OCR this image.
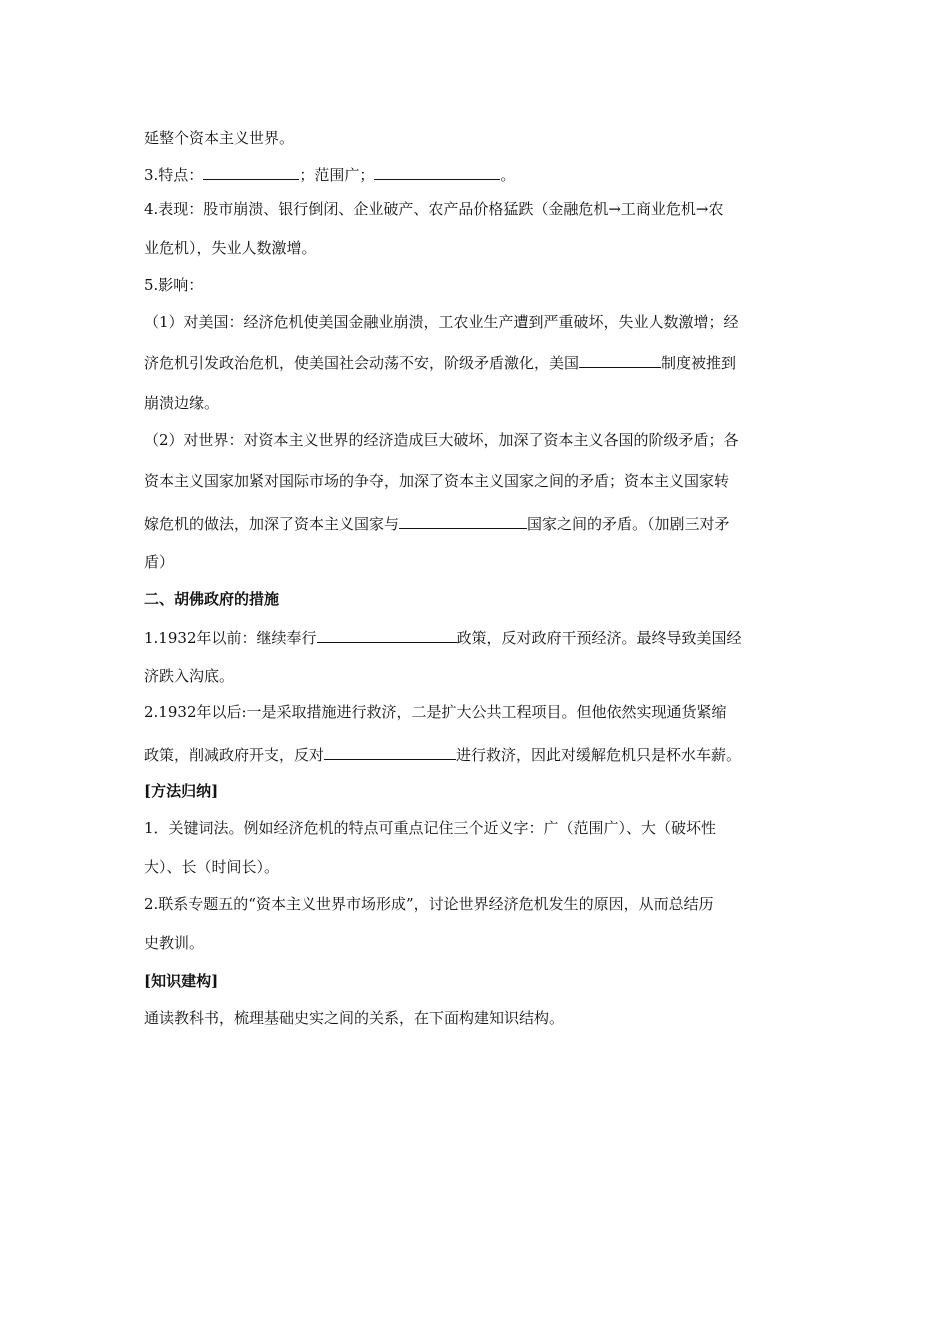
延整个资本主义世界。
3.特点：	；范围广；	。
4.表现：股市崩溃、银行倒闭、企业破产、农产品价格猛跌（金融危机→工商业危机→农
业危机），失业人数激增。
5.影响：
（1）对美国：经济危机使美国金融业崩溃，工农业生产遭到严重破坏，失业人数激增；经
济危机引发政治危机，使美国社会动荡不安，阶级矛盾激化，美国	制度被推到
崩溃边缘。
（2）对世界：对资本主义世界的经济造成巨大破坏，加深了资本主义各国的阶级矛盾；各
资本主义国家加紧对国际市场的争夺，加深了资本主义国家之间的矛盾；资本主义国家转
嫁危机的做法，加深了资本主义国家与	国家之间的矛盾。（加剧三对矛
盾）
二、胡佛政府的措施
1.1932年以前：继续奉行	政策，反对政府干预经济。最终导致美国经
济跌入沟底。
2.1932年以后:一是采取措施进行救济，二是扩大公共工程项目。但他依然实现通货紧缩
政策，削减政府开支，反对	进行救济，因此对缓解危机只是杯水车薪。
[方法归纳]
1．关键词法。例如经济危机的特点可重点记住三个近义字：广（范围广）、大（破坏性
大）、长（时间长）。
2.联系专题五的“资本主义世界市场形成”，讨论世界经济危机发生的原因，从而总结历
史教训。
[知识建构]
通读教科书，梳理基础史实之间的关系，在下面构建知识结构。
